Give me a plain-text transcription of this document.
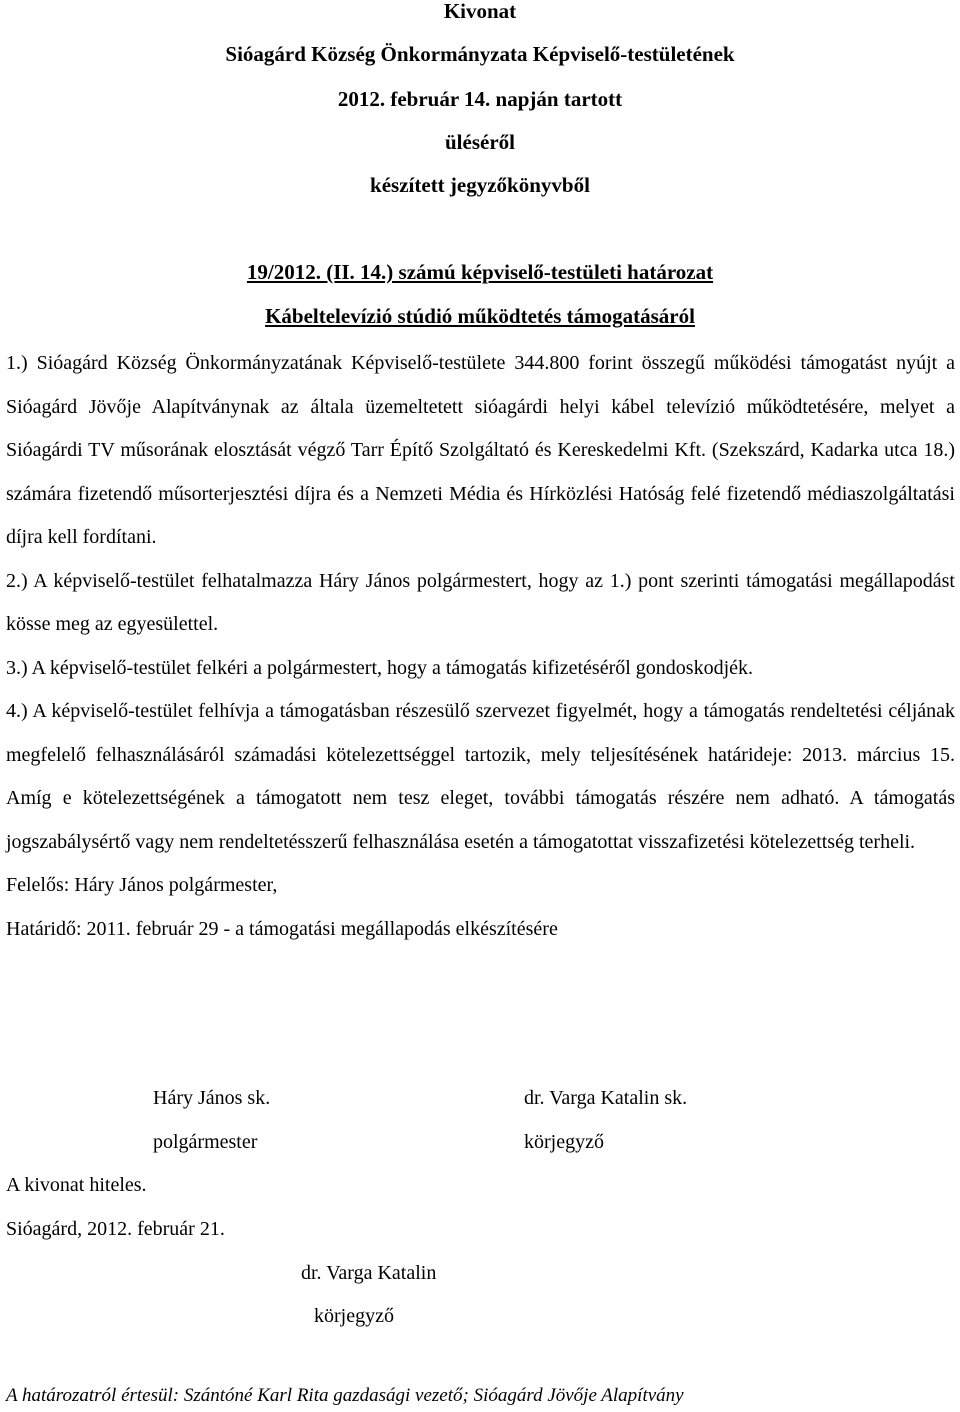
Kivonat

Sióagárd Község Önkormányzata Képviselő-testületének

2012. február 14. napján tartott

üléséről

készített jegyzőkönyvből

19/2012. (II. 14.) számú képviselő-testületi határozat

Kábeltelevízió stúdió működtetés támogatásáról

1.) Sióagárd Község Önkormányzatának Képviselő-testülete 344.800 forint összegű működési támogatást nyújt a Sióagárd Jövője Alapítványnak az általa üzemeltetett sióagárdi helyi kábel televízió működtetésére, melyet a Sióagárdi TV műsorának elosztását végző Tarr Építő Szolgáltató és Kereskedelmi Kft. (Szekszárd, Kadarka utca 18.) számára fizetendő műsorterjesztési díjra és a Nemzeti Média és Hírközlési Hatóság felé fizetendő médiaszolgáltatási díjra kell fordítani.

2.) A képviselő-testület felhatalmazza Háry János polgármestert, hogy az 1.) pont szerinti támogatási megállapodást kösse meg az egyesülettel.

3.) A képviselő-testület felkéri a polgármestert, hogy a támogatás kifizetéséről gondoskodjék.

4.) A képviselő-testület felhívja a támogatásban részesülő szervezet figyelmét, hogy a támogatás rendeltetési céljának megfelelő felhasználásáról számadási kötelezettséggel tartozik, mely teljesítésének határideje: 2013. március 15. Amíg e kötelezettségének a támogatott nem tesz eleget, további támogatás részére nem adható. A támogatás jogszabálysértő vagy nem rendeltetésszerű felhasználása esetén a támogatottat visszafizetési kötelezettség terheli.

Felelős: Háry János polgármester,

Határidő: 2011. február 29 - a támogatási megállapodás elkészítésére

Háry János sk.	dr. Varga Katalin sk.

polgármester	körjegyző

A kivonat hiteles.

Sióagárd, 2012. február 21.

dr. Varga Katalin

körjegyző

A határozatról értesül: Szántóné Karl Rita gazdasági vezető; Sióagárd Jövője Alapítvány
